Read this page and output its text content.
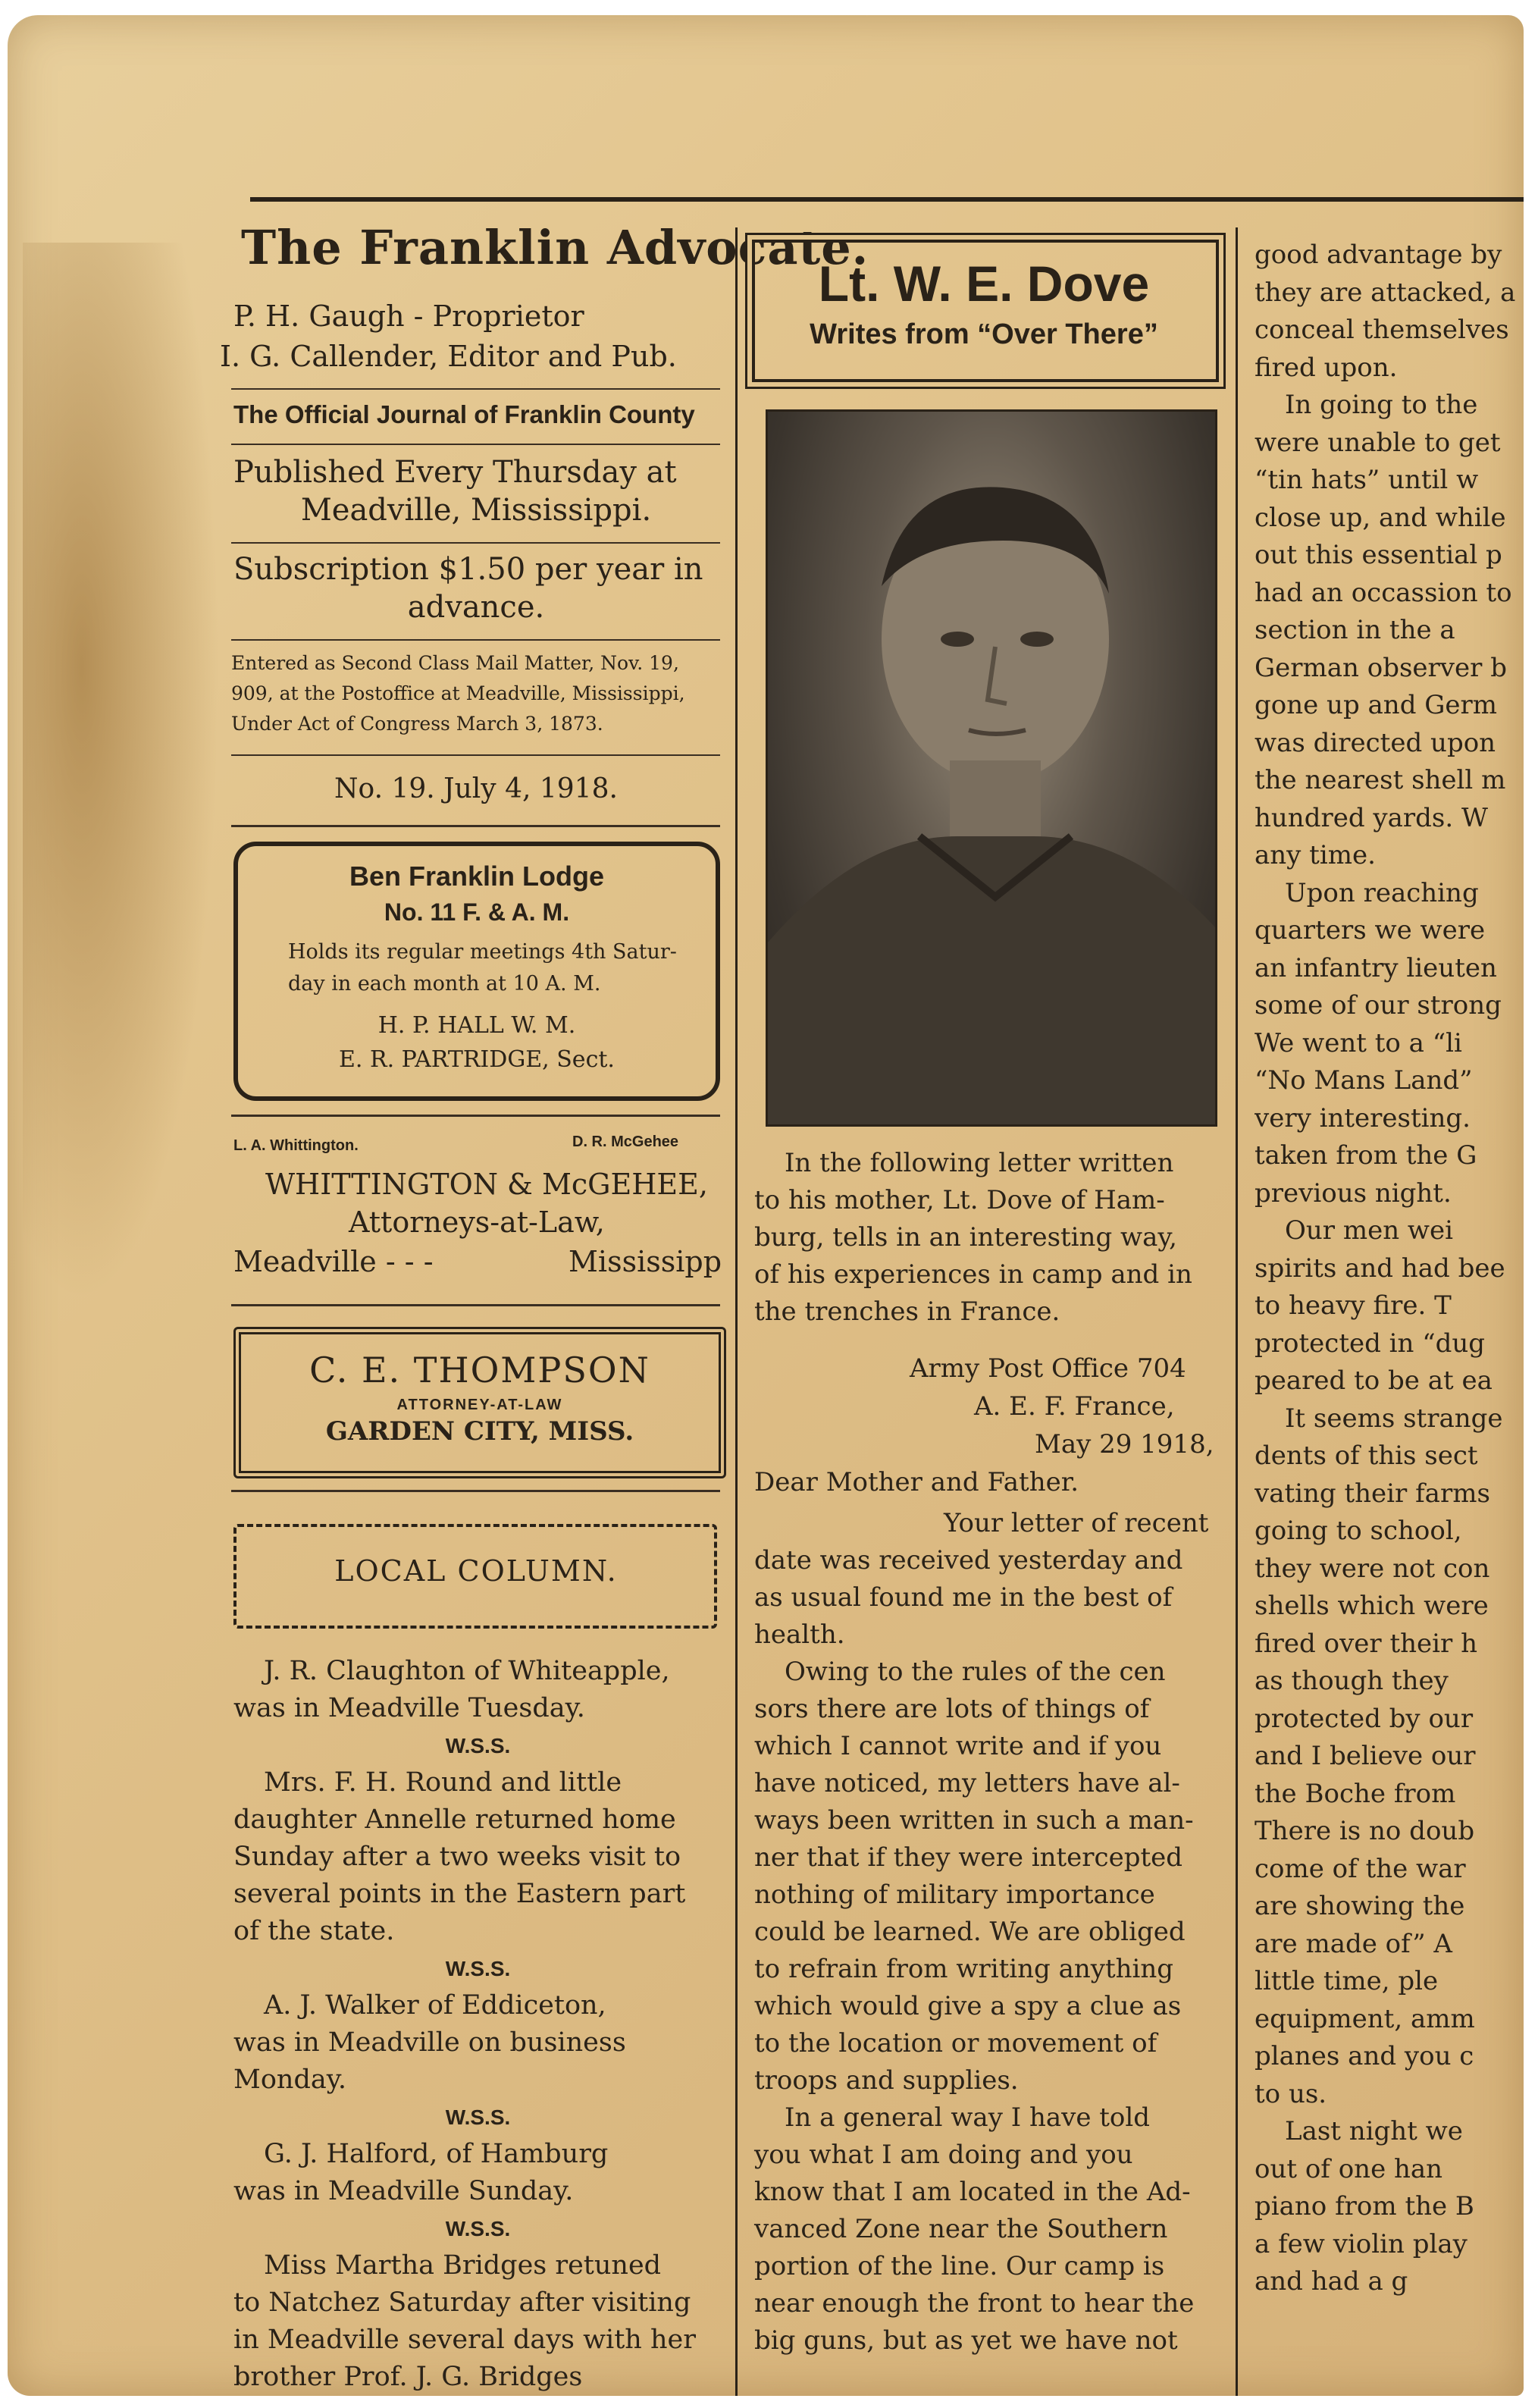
The Franklin Advocate.
P. H. Gaugh - Proprietor
I. G. Callender, Editor and Pub.
The Official Journal of Franklin County
Published Every Thursday at
Meadville, Mississippi.
Subscription $1.50 per year in
advance.
Entered as Second Class Mail Matter, Nov. 19,
909, at the Postoffice at Meadville, Mississippi,
Under Act of Congress March 3, 1873.
No. 19. July 4, 1918.
Ben Franklin Lodge
No. 11 F. & A. M.
Holds its regular meetings 4th Satur-
day in each month at 10 A. M.
H. P. HALL W. M.
E. R. PARTRIDGE, Sect.
L. A. Whittington.	D. R. McGehee
WHITTINGTON & McGEHEE,
Attorneys-at-Law,
Meadville - - -	Mississipp
C. E. THOMPSON
ATTORNEY-AT-LAW
GARDEN CITY, MISS.
LOCAL COLUMN.

J. R. Claughton of Whiteapple,

was in Meadville Tuesday.

W.S.S.

Mrs. F. H. Round and little

daughter Annelle returned home

Sunday after a two weeks visit to

several points in the Eastern part

of the state.

W.S.S.

A. J. Walker of Eddiceton,

was in Meadville on business

Monday.

W.S.S.

G. J. Halford, of Hamburg

was in Meadville Sunday.

W.S.S.

Miss Martha Bridges retuned

to Natchez Saturday after visiting

in Meadville several days with her

brother Prof. J. G. Bridges

Lt. W. E. Dove
Writes from “Over There”

In the following letter written

to his mother, Lt. Dove of Ham-

burg, tells in an interesting way,

of his experiences in camp and in

the trenches in France.

Army Post Office 704
A. E. F. France,
May 29 1918,
Dear Mother and Father.

Your letter of recent

date was received yesterday and

as usual found me in the best of

health.

Owing to the rules of the cen

sors there are lots of things of

which I cannot write and if you

have noticed, my letters have al-

ways been written in such a man-

ner that if they were intercepted

nothing of military importance

could be learned. We are obliged

to refrain from writing anything

which would give a spy a clue as

to the location or movement of

troops and supplies.

In a general way I have told

you what I am doing and you

know that I am located in the Ad-

vanced Zone near the Southern

portion of the line. Our camp is

near enough the front to hear the

big guns, but as yet we have not

good advantage by

they are attacked, a

conceal themselves

fired upon.

In going to the

were unable to get

“tin hats” until w

close up, and while

out this essential p

had an occassion to

section in the a

German observer b

gone up and Germ

was directed upon

the nearest shell m

hundred yards. W

any time.

Upon reaching

quarters we were

an infantry lieuten

some of our strong

We went to a “li

“No Mans Land”

very interesting.

taken from the G

previous night.

Our men wei

spirits and had bee

to heavy fire. T

protected in “dug

peared to be at ea

It seems strange

dents of this sect

vating their farms

going to school,

they were not con

shells which were

fired over their h

as though they

protected by our

and I believe our

the Boche from

There is no doub

come of the war

are showing the

are made of” A

little time, ple

equipment, amm

planes and you c

to us.

Last night we

out of one han

piano from the B

a few violin play

and had a g
